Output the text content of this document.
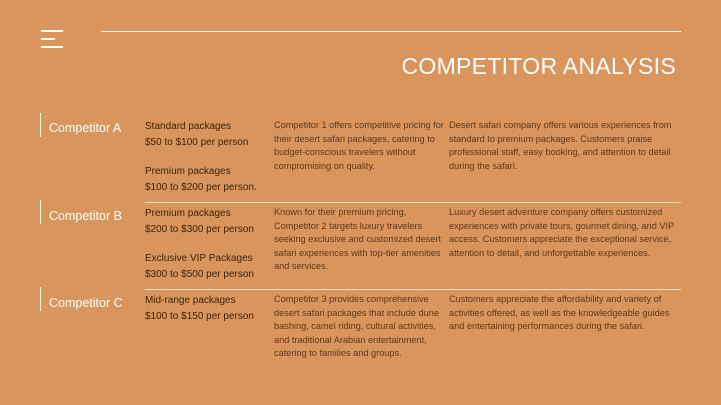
COMPETITOR ANALYSIS
Competitor A Standard packages
$50 to $100 per person
Premium packages
$100 to $200 per person.
Competitor 1 offers competitive pricing for their desert safari packages, catering to budget-conscious travelers without compromising on quality.
Desert safari company offers various experiences from standard to premium packages. Customers praise professional staff, easy booking, and attention to detail during the safari.
Competitor B Premium packages
$200 to $300 per person
Exclusive VIP Packages
$300 to $500 per person
Known for their premium pricing, Competitor 2 targets luxury travelers seeking exclusive and customized desert safari experiences with top-tier amenities and services.
Luxury desert adventure company offers customized experiences with private tours, gourmet dining, and VIP access. Customers appreciate the exceptional service, attention to detail, and unforgettable experiences.
Competitor C Mid-range packages
$100 to $150 per person
Competitor 3 provides comprehensive desert safari packages that include dune bashing, camel riding, cultural activities, and traditional Arabian entertainment, catering to families and groups.
Customers appreciate the affordability and variety of activities offered, as well as the knowledgeable guides and entertaining performances during the safari.
